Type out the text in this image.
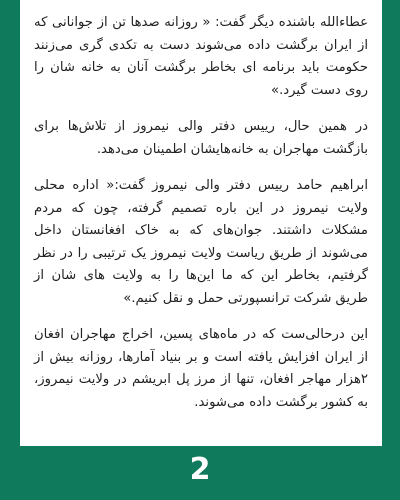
عطاءالله باشنده دیگر گفت: « روزانه صدها تن از جوانانی که از ایران برگشت داده می‌شوند دست به تکدی گری می‌زنند حکومت باید برنامه ای بخاطر برگشت آنان به خانه شان را روی دست گیرد.»

در همین حال، رییس دفتر والی نیمروز از تلاش‌ها برای بازگشت مهاجران به خانه‌هایشان اطمینان می‌دهد.

ابراهیم حامد رییس دفتر والی نیمروز گفت:« اداره محلی ولایت نیمروز در این باره تصمیم گرفته، چون که مردم مشکلات داشتند. جوان‌های که به خاک افغانستان داخل می‌شوند از طریق ریاست ولایت نیمروز یک ترتیبی را در نظر گرفتیم، بخاطر این که ما این‌ها را به ولایت های شان از طریق شرکت ترانسپورتی حمل و نقل کنیم.»

این درحالی‌ست که در ماه‌های پسین، اخراج مهاجران افغان از ایران افزایش یافته است و بر بنیاد آمارها، روزانه بیش از ۲هزار مهاجر افغان، تنها از مرز پل ابریشم در ولایت نیمروز، به کشور برگشت داده می‌شوند.

2
